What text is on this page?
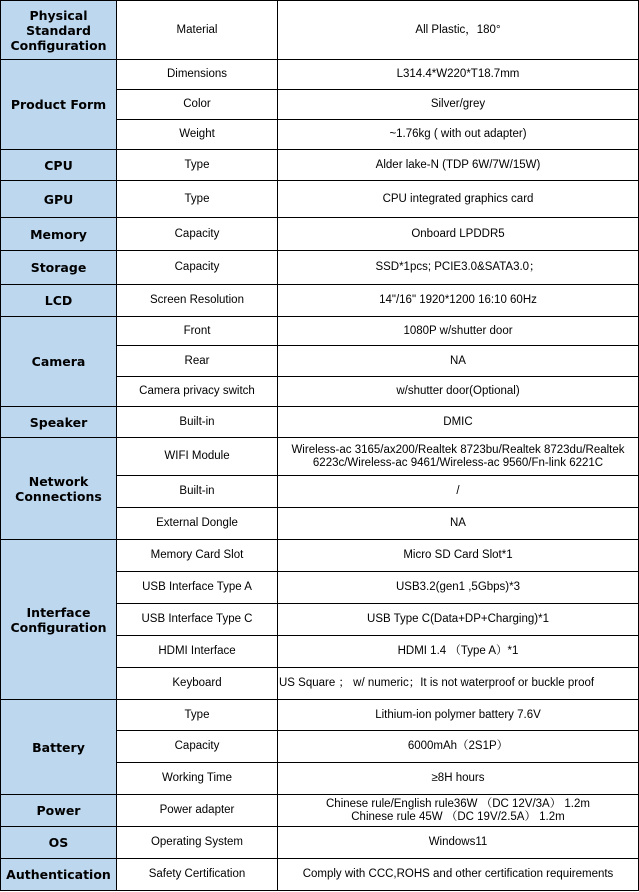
Physical Standard Configuration	Material	All Plastic，180°
Product Form	Dimensions	L314.4*W220*T18.7mm
	Color	Silver/grey
	Weight	~1.76kg ( with out adapter)
CPU	Type	Alder lake-N (TDP 6W/7W/15W)
GPU	Type	CPU integrated graphics card
Memory	Capacity	Onboard LPDDR5
Storage	Capacity	SSD*1pcs; PCIE3.0&SATA3.0；
LCD	Screen Resolution	14"/16" 1920*1200 16:10 60Hz
Camera	Front	1080P w/shutter door
	Rear	NA
	Camera privacy switch	w/shutter door(Optional)
Speaker	Built-in	DMIC
Network Connections	WIFI Module	Wireless-ac 3165/ax200/Realtek 8723bu/Realtek 8723du/Realtek
6223c/Wireless-ac 9461/Wireless-ac 9560/Fn-link 6221C
	Built-in	/
	External Dongle	NA
Interface Configuration	Memory Card Slot	Micro SD Card Slot*1
	USB Interface Type A	USB3.2(gen1 ,5Gbps)*3
	USB Interface Type C	USB Type C(Data+DP+Charging)*1
	HDMI Interface	HDMI 1.4 （Type A）*1
	Keyboard	US Square ； w/ numeric；It is not waterproof or buckle proof
Battery	Type	Lithium-ion polymer battery 7.6V
	Capacity	6000mAh（2S1P）
	Working Time	≥8H hours
Power	Power adapter	Chinese rule/English rule36W （DC 12V/3A） 1.2m
Chinese rule 45W （DC 19V/2.5A） 1.2m
OS	Operating System	Windows11
Authentication	Safety Certification	Comply with CCC,ROHS and other certification requirements
